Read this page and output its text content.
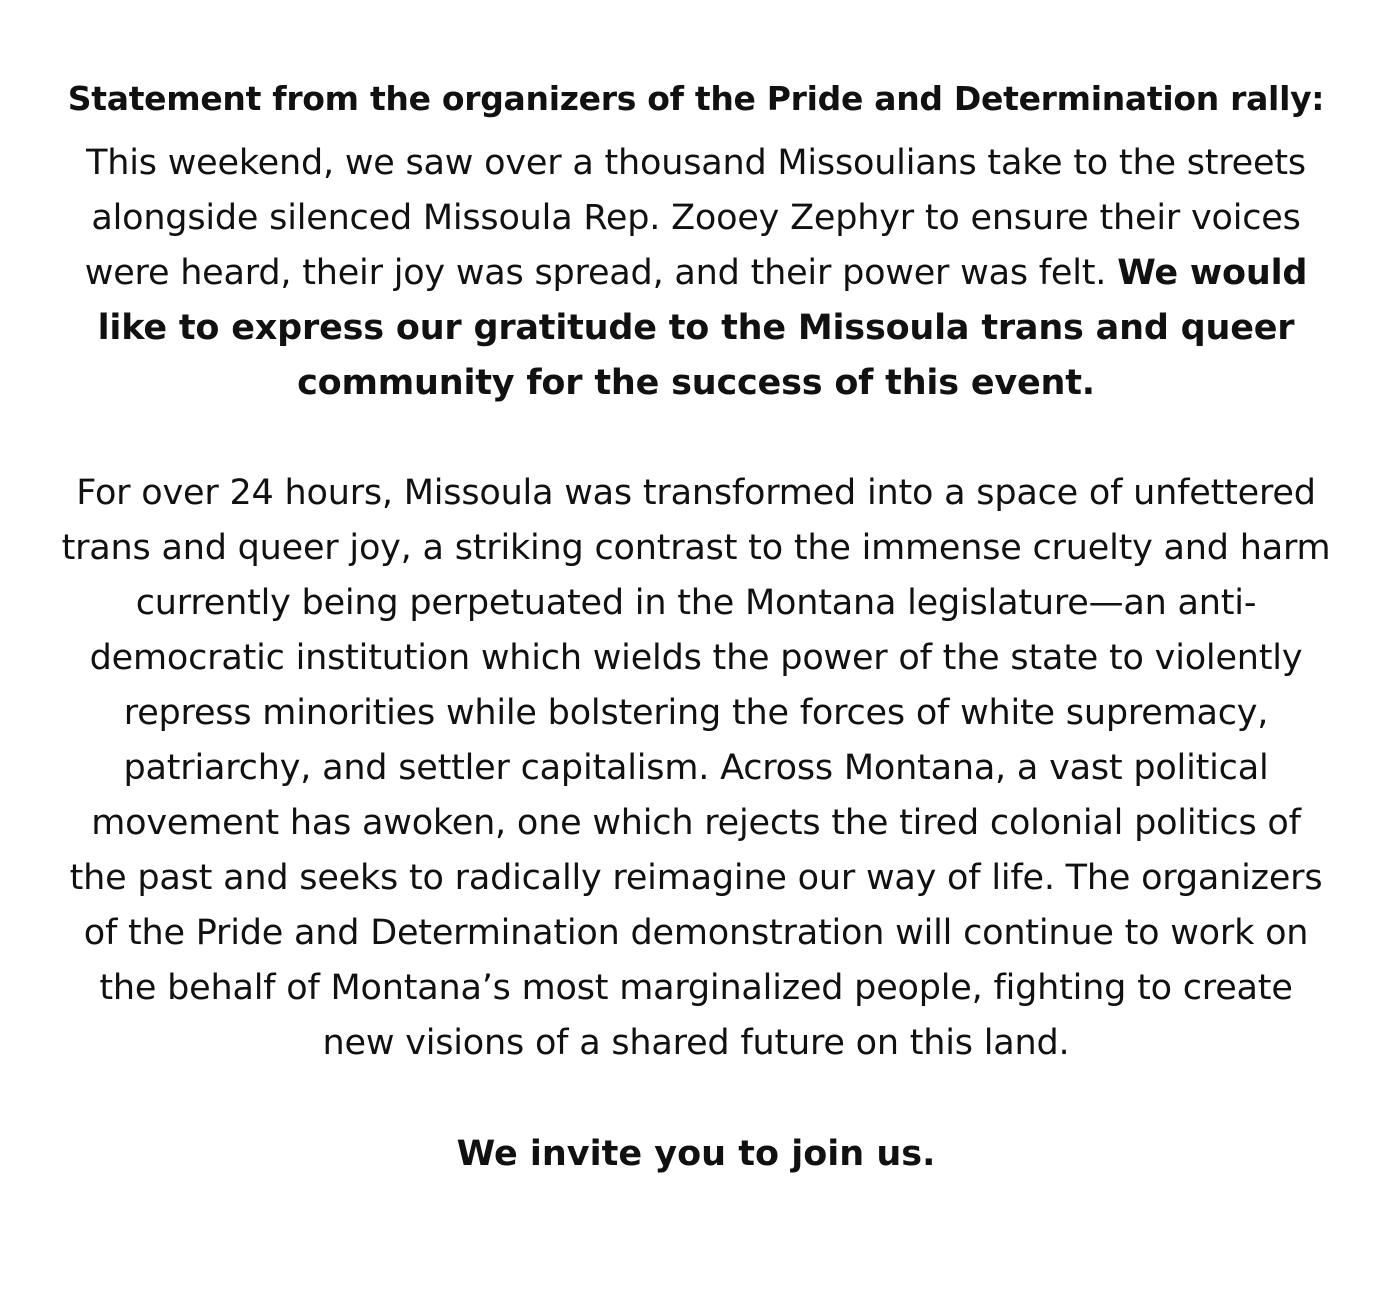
Statement from the organizers of the Pride and Determination rally:

This weekend, we saw over a thousand Missoulians take to the streets alongside silenced Missoula Rep. Zooey Zephyr to ensure their voices were heard, their joy was spread, and their power was felt. We would like to express our gratitude to the Missoula trans and queer community for the success of this event.

For over 24 hours, Missoula was transformed into a space of unfettered trans and queer joy, a striking contrast to the immense cruelty and harm currently being perpetuated in the Montana legislature—an anti-democratic institution which wields the power of the state to violently repress minorities while bolstering the forces of white supremacy, patriarchy, and settler capitalism. Across Montana, a vast political movement has awoken, one which rejects the tired colonial politics of the past and seeks to radically reimagine our way of life. The organizers of the Pride and Determination demonstration will continue to work on the behalf of Montana’s most marginalized people, fighting to create new visions of a shared future on this land.

We invite you to join us.
